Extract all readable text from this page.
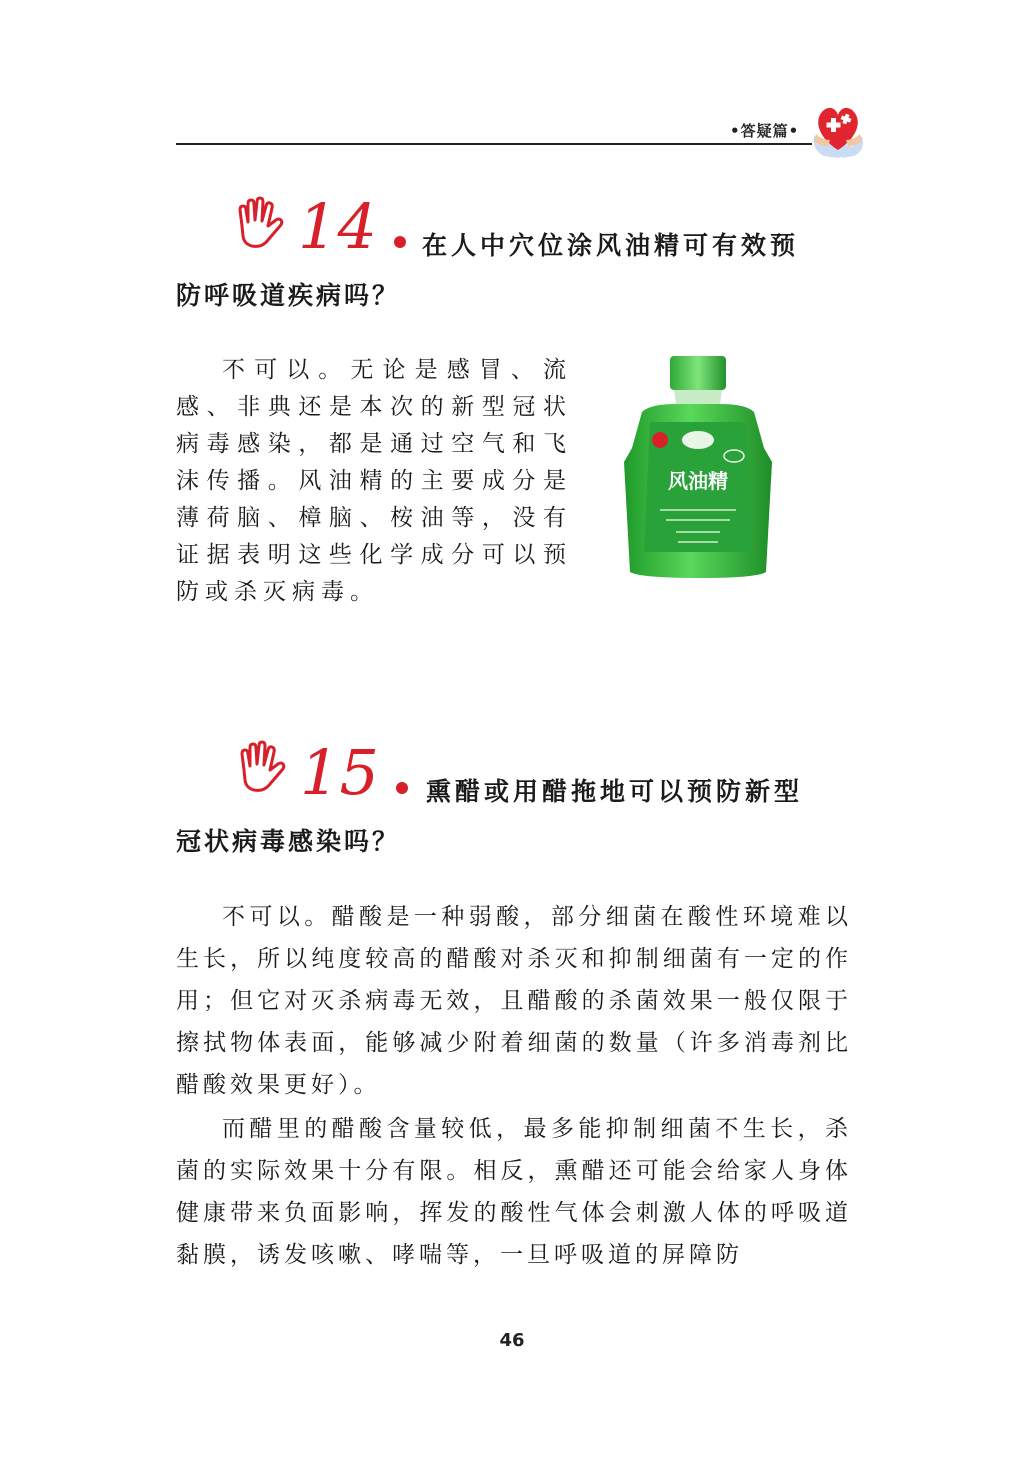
•答疑篇•
14 在人中穴位涂风油精可有效预
防呼吸道疾病吗？

不可以。无论是感冒、流感、非典还是本次的新型冠状病毒感染，都是通过空气和飞沫传播。风油精的主要成分是薄荷脑、樟脑、桉油等，没有证据表明这些化学成分可以预防或杀灭病毒。

风油精
15 熏醋或用醋拖地可以预防新型
冠状病毒感染吗？

不可以。醋酸是一种弱酸，部分细菌在酸性环境难以生长，所以纯度较高的醋酸对杀灭和抑制细菌有一定的作用；但它对灭杀病毒无效，且醋酸的杀菌效果一般仅限于擦拭物体表面，能够减少附着细菌的数量（许多消毒剂比醋酸效果更好）。

而醋里的醋酸含量较低，最多能抑制细菌不生长，杀菌的实际效果十分有限。相反，熏醋还可能会给家人身体健康带来负面影响，挥发的酸性气体会刺激人体的呼吸道黏膜，诱发咳嗽、哮喘等，一旦呼吸道的屏障防

46
